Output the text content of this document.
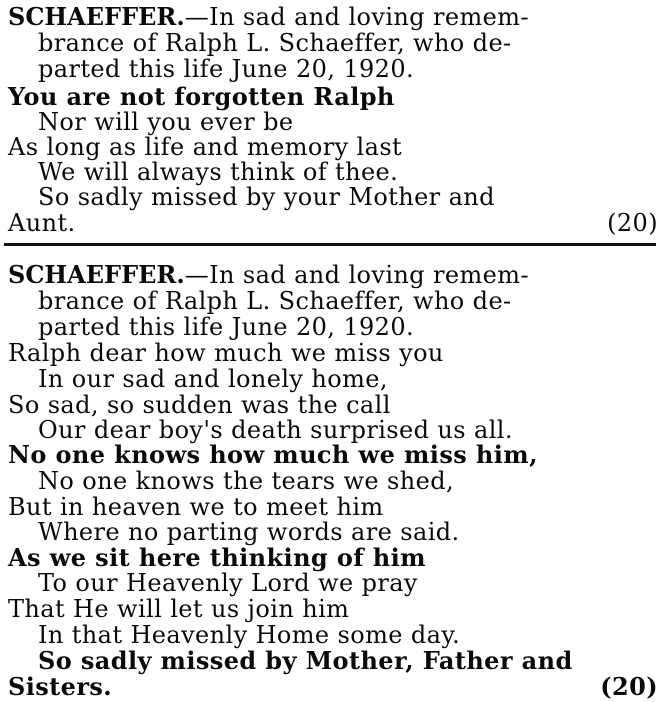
SCHAEFFER.—In sad and loving remem-
brance of Ralph L. Schaeffer, who de-
parted this life June 20, 1920.
You are not forgotten Ralph
Nor will you ever be
As long as life and memory last
We will always think of thee.
So sadly missed by your Mother and
Aunt.	(20)
SCHAEFFER.—In sad and loving remem-
brance of Ralph L. Schaeffer, who de-
parted this life June 20, 1920.
Ralph dear how much we miss you
In our sad and lonely home,
So sad, so sudden was the call
Our dear boy's death surprised us all.
No one knows how much we miss him,
No one knows the tears we shed,
But in heaven we to meet him
Where no parting words are said.
As we sit here thinking of him
To our Heavenly Lord we pray
That He will let us join him
In that Heavenly Home some day.
So sadly missed by Mother, Father and
Sisters.	(20)
